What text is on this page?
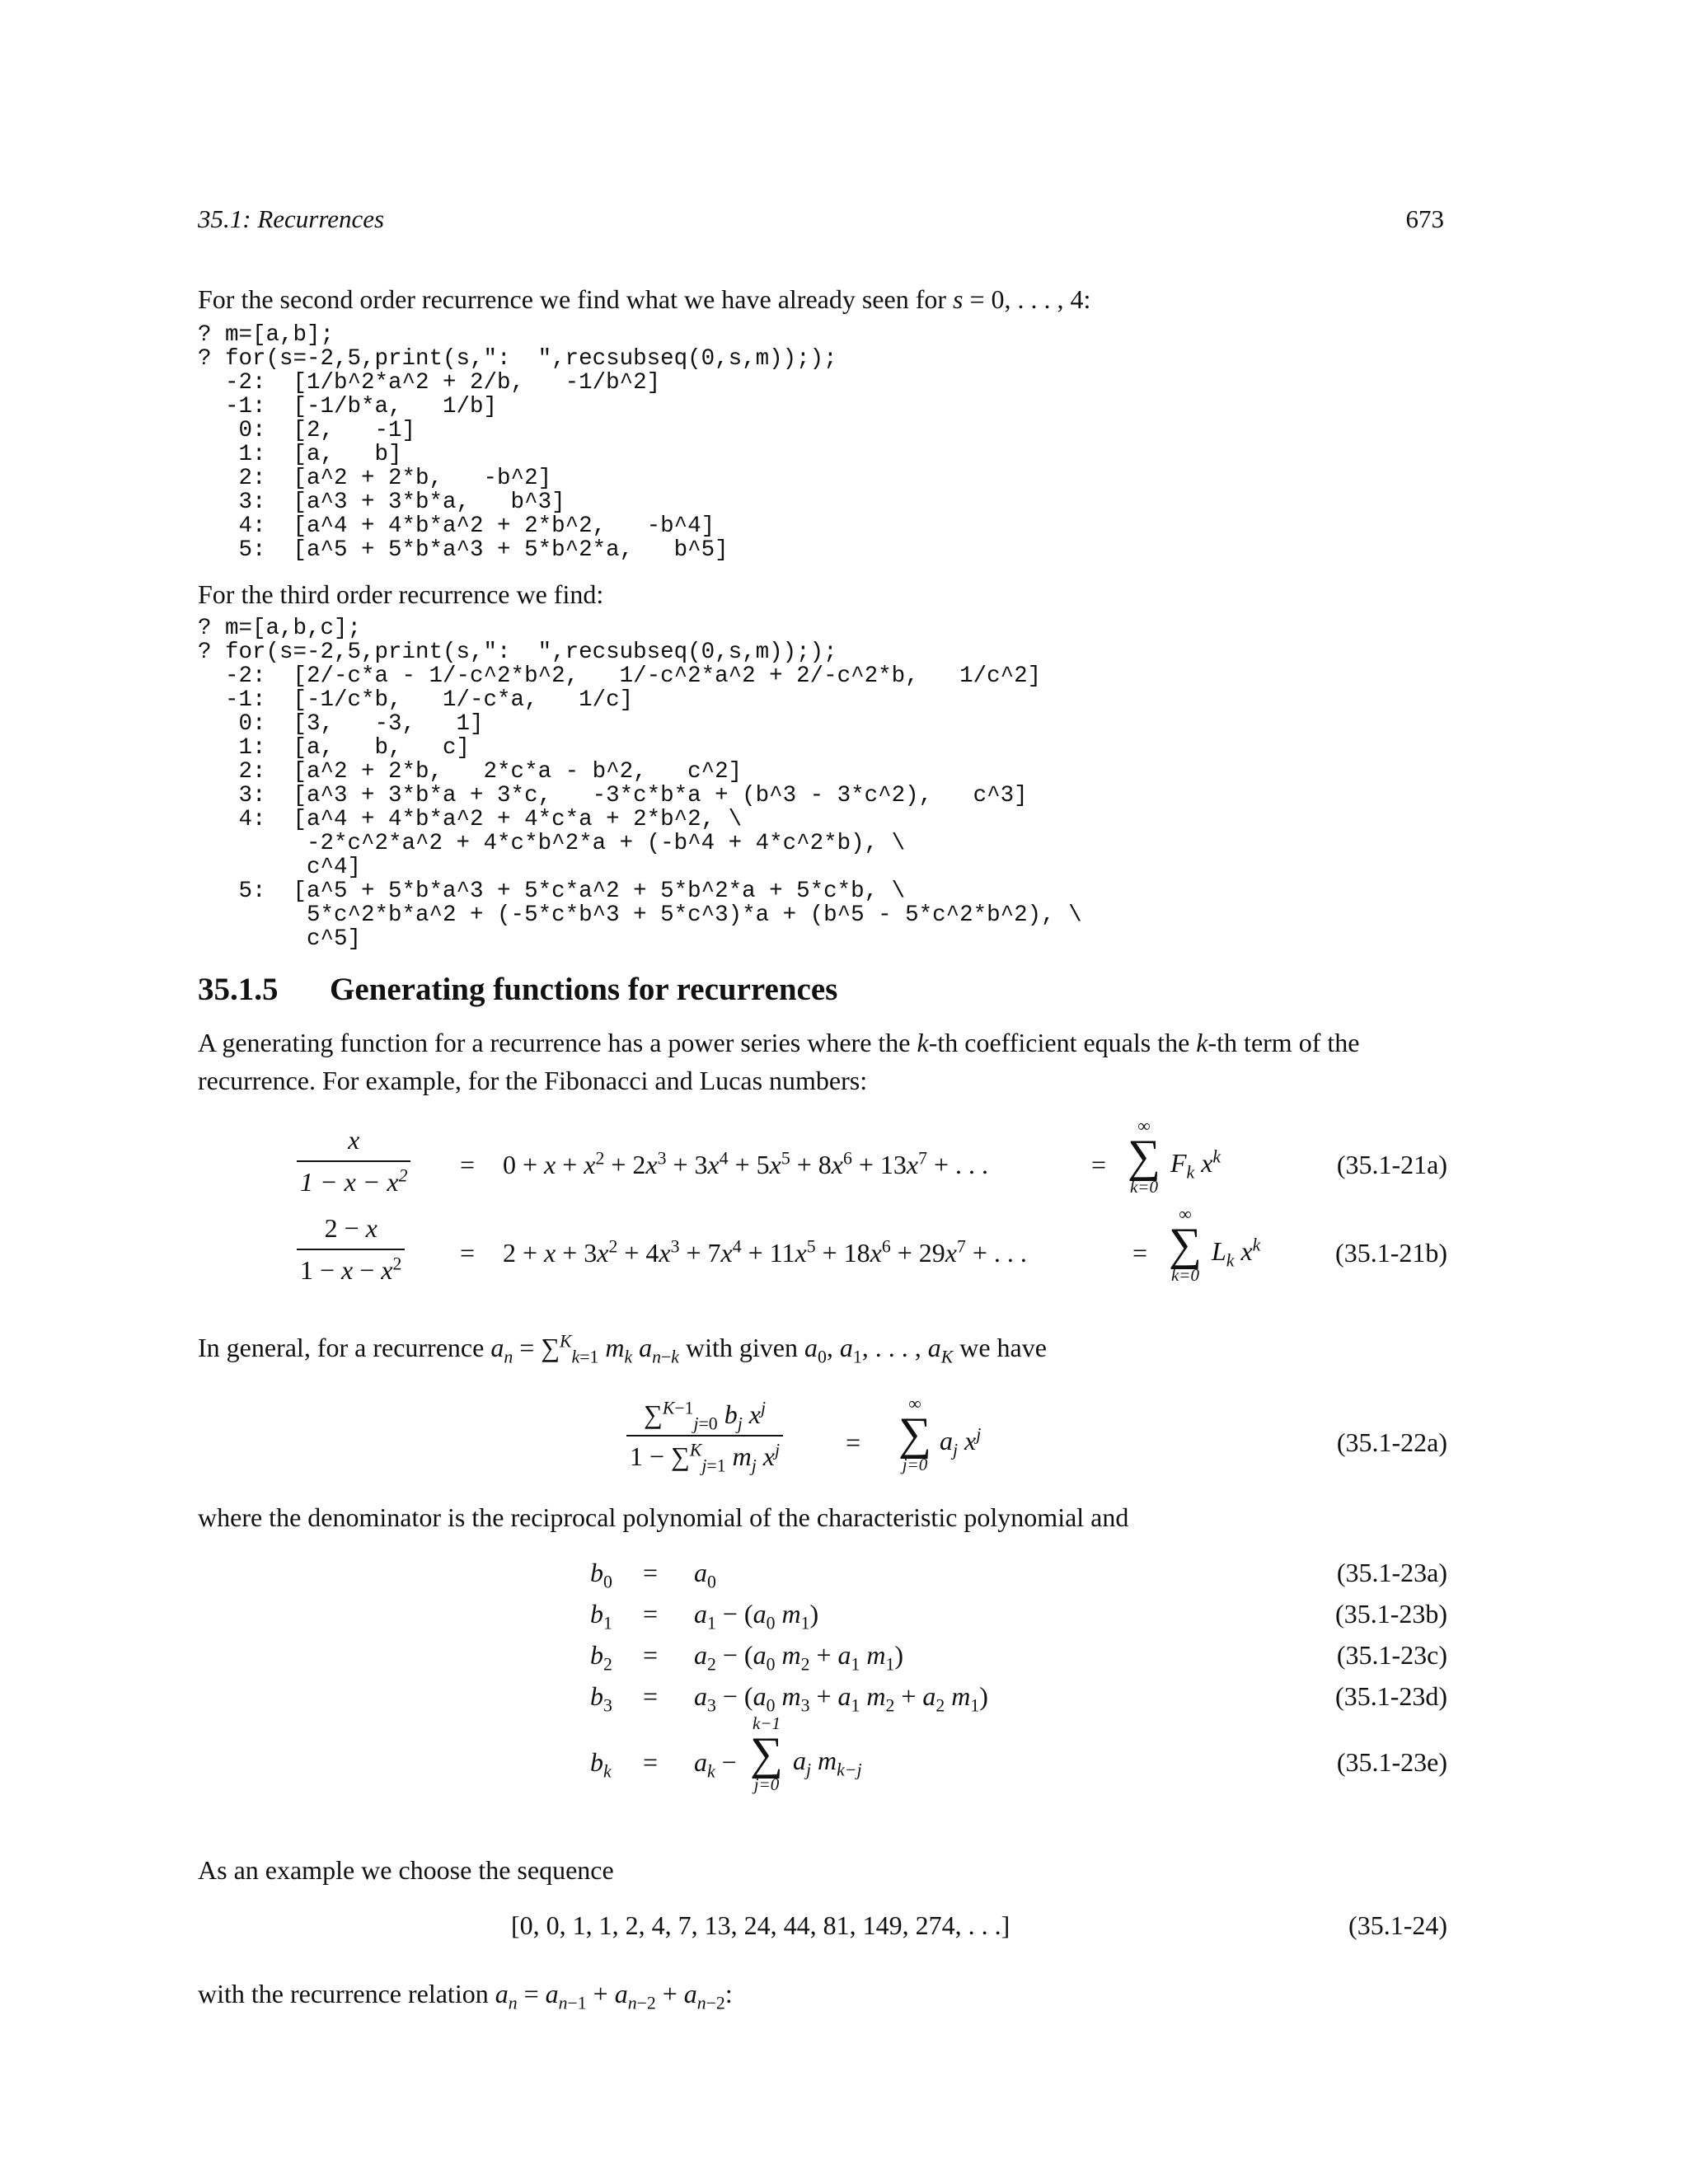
35.1: Recurrences	673
For the second order recurrence we find what we have already seen for s = 0, . . . , 4:
? m=[a,b];
? for(s=-2,5,print(s,":  ",recsubseq(0,s,m)););
-2:  [1/b^2*a^2 + 2/b,   -1/b^2]
-1:  [-1/b*a,   1/b]
0:  [2,   -1]
1:  [a,   b]
2:  [a^2 + 2*b,   -b^2]
3:  [a^3 + 3*b*a,   b^3]
4:  [a^4 + 4*b*a^2 + 2*b^2,   -b^4]
5:  [a^5 + 5*b*a^3 + 5*b^2*a,   b^5]
For the third order recurrence we find:
? m=[a,b,c];
? for(s=-2,5,print(s,":  ",recsubseq(0,s,m)););
-2:  [2/-c*a - 1/-c^2*b^2,   1/-c^2*a^2 + 2/-c^2*b,   1/c^2]
-1:  [-1/c*b,   1/-c*a,   1/c]
0:  [3,   -3,   1]
1:  [a,   b,   c]
2:  [a^2 + 2*b,   2*c*a - b^2,   c^2]
3:  [a^3 + 3*b*a + 3*c,   -3*c*b*a + (b^3 - 3*c^2),   c^3]
4:  [a^4 + 4*b*a^2 + 4*c*a + 2*b^2, \
-2*c^2*a^2 + 4*c*b^2*a + (-b^4 + 4*c^2*b), \
c^4]
5:  [a^5 + 5*b*a^3 + 5*c*a^2 + 5*b^2*a + 5*c*b, \
5*c^2*b*a^2 + (-5*c*b^3 + 5*c^3)*a + (b^5 - 5*c^2*b^2), \
c^5]
35.1.5 Generating functions for recurrences
A generating function for a recurrence has a power series where the k-th coefficient equals the k-th term of the recurrence. For example, for the Fibonacci and Lucas numbers:
$\frac{x}{1 - x - x^2} = 0 + x + x^2 + 2x^3 + 3x^4 + 5x^5 + 8x^6 + 13x^7$ + . . .	=
∞
∑
k=0
$F_k$ $x^k$	(35.1-21a)
$\frac{2 - x}{1 - x - x^2} = 2 + x + 3x^2 + 4x^3 + 7x^4 + 11x^5 + 18x^6 + 29x^7$ + . . .	=
∞
∑
k=0
$L_k$ $x^k$	(35.1-21b)
In general, for a recurrence $a_n = \sum^K_{k=1}$ $m_k$ $a_{n-k}$ with given $a_0$, $a_1$, . . . , $a_K$ we have
$\frac{\sum^{K-1}_{j=0} b_j x^j}{1 - \sum^K_{j=1} m_j x^j}$ =
∞
∑
j=0
$a_j$ $x^j$	(35.1-22a)
where the denominator is the reciprocal polynomial of the characteristic polynomial and
$b_0 = a_0$	(35.1-23a)
$b_1 = a_1 - (a_0$ $m_1$)	(35.1-23b)
$b_2 = a_2 - (a_0$ $m_2 + a_1$ $m_1$)	(35.1-23c)
$b_3 = a_3 - (a_0$ $m_3 + a_1$ $m_2 + a_2$ $m_1$)	(35.1-23d)
$b_k = a_k$ −
k−1
∑
j=0
$a_j$ $m_{k-j}$	(35.1-23e)
As an example we choose the sequence
[0, 0, 1, 1, 2, 4, 7, 13, 24, 44, 81, 149, 274, . . .]	(35.1-24)
with the recurrence relation $a_n = a_{n-1} + a_{n-2} + a_{n-2}$:
